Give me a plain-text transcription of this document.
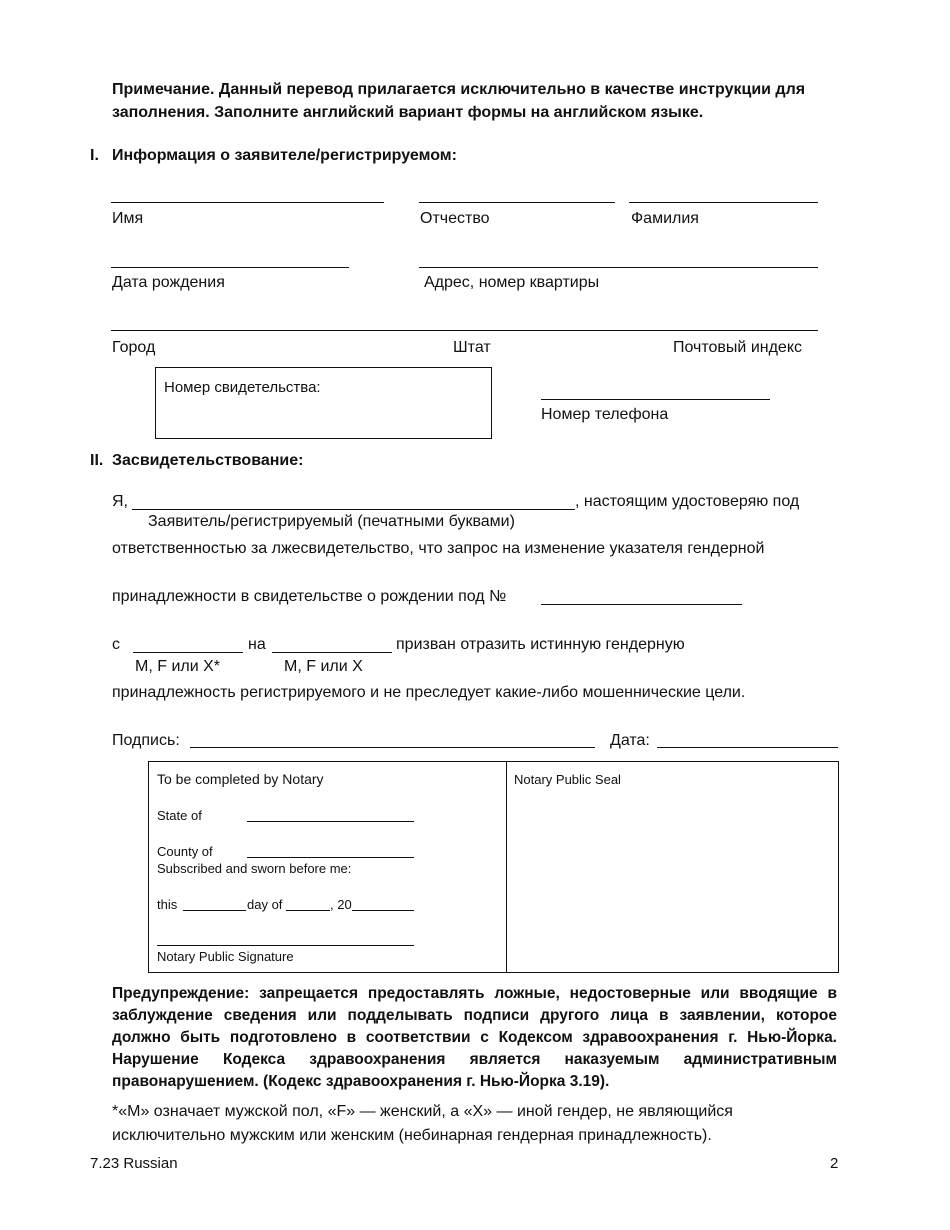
Примечание. Данный перевод прилагается исключительно в качестве инструкции для
заполнения. Заполните английский вариант формы на английском языке.
I. Информация о заявителе/регистрируемом:
Имя	Отчество	Фамилия
Дата рождения	Адрес, номер квартиры
Город	Штат	Почтовый индекс
Номер свидетельства:
Номер телефона
II. Засвидетельствование:
Я,	, настоящим удостоверяю под
Заявитель/регистрируемый (печатными буквами)
ответственностью за лжесвидетельство, что запрос на изменение указателя гендерной
принадлежности в свидетельстве о рождении под №
с	на	призван отразить истинную гендерную
M, F или X*	M, F или X
принадлежность регистрируемого и не преследует какие-либо мошеннические цели.
Подпись:	Дата:
To be completed by Notary
State of
County of
Subscribed and sworn before me:
this	day of	, 20
Notary Public Signature
Notary Public Seal
Предупреждение: запрещается предоставлять ложные, недостоверные или вводящие в заблуждение сведения или подделывать подписи другого лица в заявлении, которое должно быть подготовлено в соответствии с Кодексом здравоохранения г. Нью-Йорка. Нарушение Кодекса здравоохранения является наказуемым административным правонарушением. (Кодекс здравоохранения г. Нью-Йорка 3.19).
*«M» означает мужской пол, «F» — женский, а «X» — иной гендер, не являющийся исключительно мужским или женским (небинарная гендерная принадлежность).
7.23 Russian	2
